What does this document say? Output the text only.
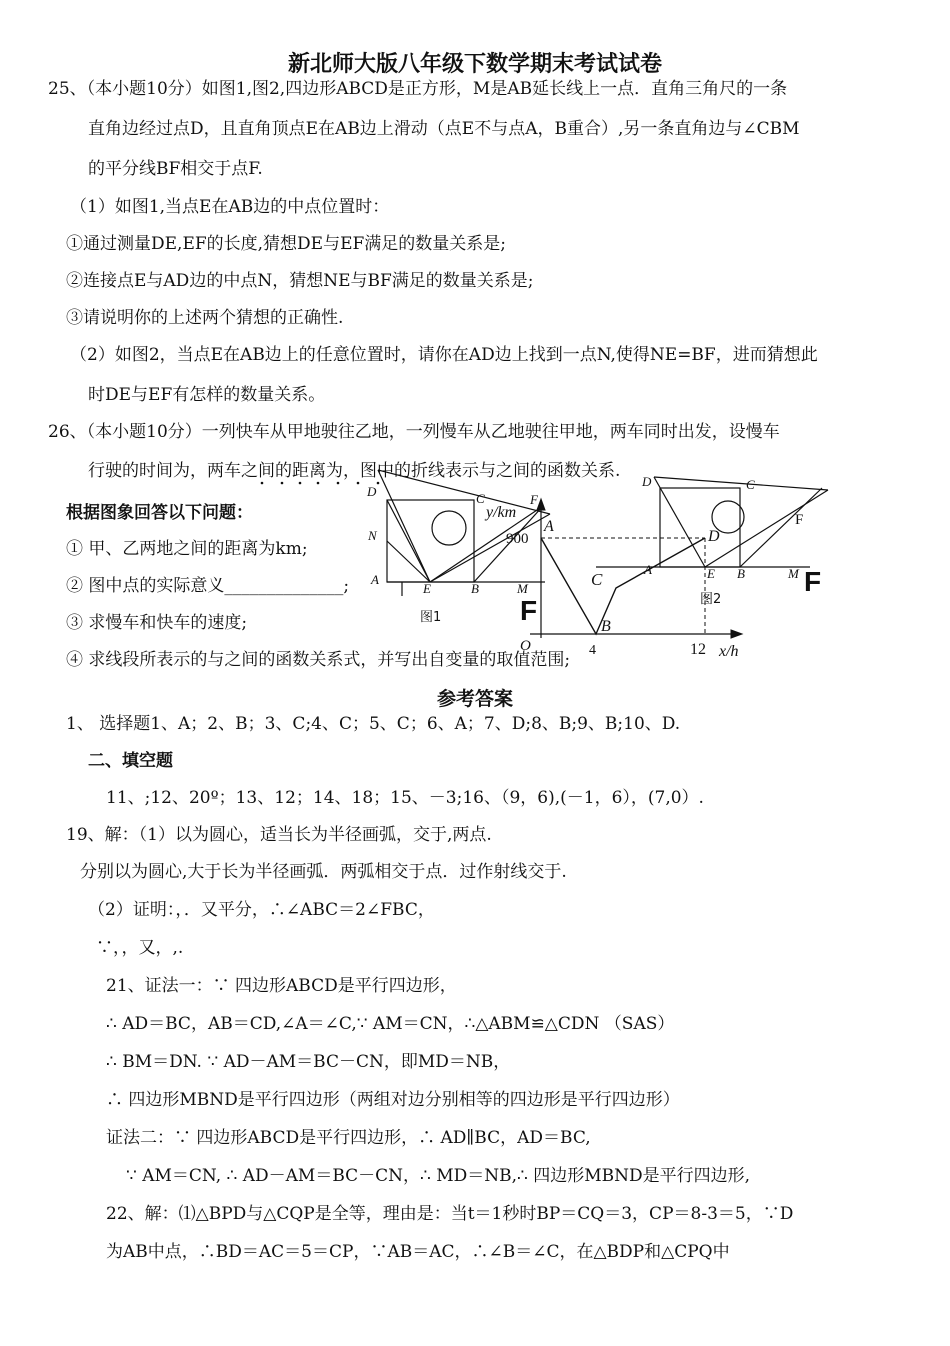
新北师大版八年级下数学期末考试试卷
25、（本小题10分）如图1,图2,四边形ABCD是正方形，M是AB延长线上一点．直角三角尺的一条
直角边经过点D，且直角顶点E在AB边上滑动（点E不与点A，B重合）,另一条直角边与∠CBM
的平分线BF相交于点F.
（1）如图1,当点E在AB边的中点位置时：
①通过测量DE,EF的长度,猜想DE与EF满足的数量关系是;
②连接点E与AD边的中点N，猜想NE与BF满足的数量关系是;
③请说明你的上述两个猜想的正确性.
（2）如图2，当点E在AB边上的任意位置时，请你在AD边上找到一点N,使得NE=BF，进而猜想此
时DE与EF有怎样的数量关系。
26、（本小题10分）一列快车从甲地驶往乙地，一列慢车从乙地驶往甲地，两车同时出发，设慢车
行驶的时间为，两车之间的距离为，图中的折线表示与之间的函数关系.
根据图象回答以下问题：
① 甲、乙两地之间的距离为km;
② 图中点的实际意义______________;
③ 求慢车和快车的速度;
④ 求线段所表示的与之间的函数关系式，并写出自变量的取值范围;
D	C
N
A
E	B	M
F
图1
y/km
900
A
C
B
D
O	4	12 x/h
F
D	C
A	E B	M
F
图2
F
参考答案
1、 选择题1、A；2、B；3、C;4、C；5、C；6、A；7、D;8、B;9、B;10、D.
二、填空题
11、;12、20º；13、12；14、18；15、－3;16、（9，6),(－1，6），(7,0）.
19、解：（1）以为圆心，适当长为半径画弧，交于,两点.
分别以为圆心,大于长为半径画弧．两弧相交于点．过作射线交于.
（2）证明：，．又平分，∴∠ABC＝2∠FBC，
∵，，又，,.
21、证法一：∵ 四边形ABCD是平行四边形，
∴ AD＝BC，AB＝CD,∠A＝∠C,∵ AM＝CN，∴△ABM≌△CDN （SAS）
∴ BM＝DN. ∵ AD－AM＝BC－CN，即MD＝NB，
∴ 四边形MBND是平行四边形（两组对边分别相等的四边形是平行四边形）
证法二：∵ 四边形ABCD是平行四边形，∴ AD∥BC，AD＝BC,
∵ AM＝CN, ∴ AD－AM＝BC－CN，∴ MD＝NB,∴ 四边形MBND是平行四边形,
22、解：⑴△BPD与△CQP是全等，理由是：当t＝1秒时BP＝CQ＝3，CP＝8-3＝5，∵D
为AB中点，∴BD＝AC＝5＝CP，∵AB＝AC，∴∠B＝∠C，在△BDP和△CPQ中
